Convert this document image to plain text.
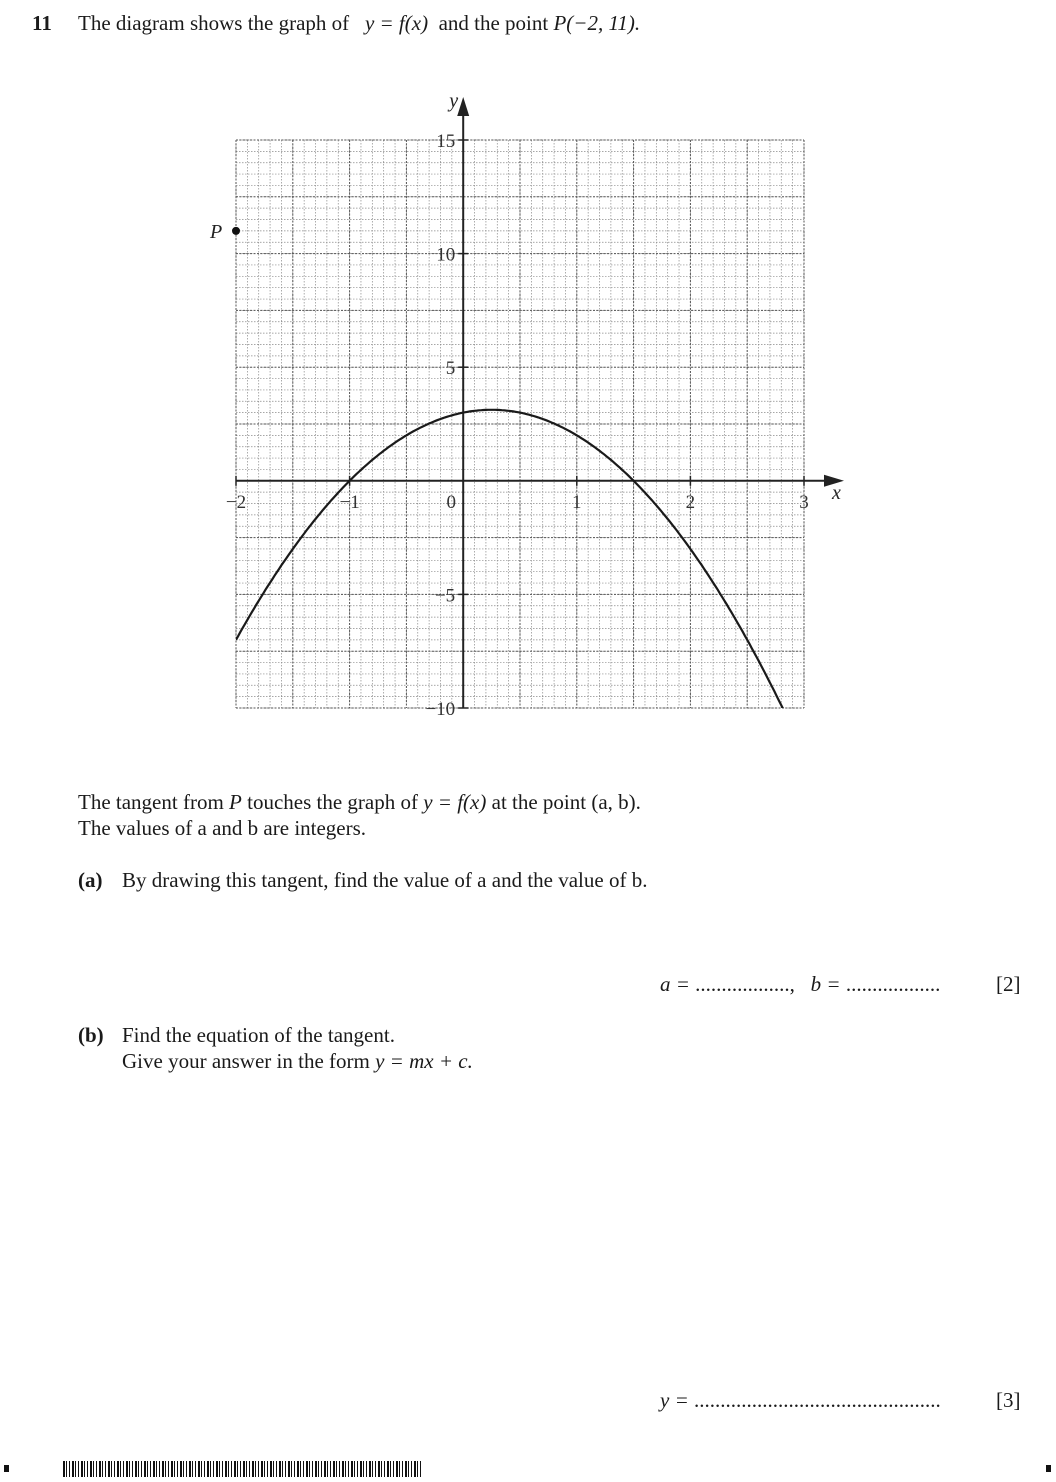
11 The diagram shows the graph of y = f(x) and the point P(−2, 11).
−2	−1	0	1	2	3
15
10
5
−5
−10
P
x
y
The tangent from P touches the graph of y = f(x) at the point (a, b).
The values of a and b are integers.
(a) By drawing this tangent, find the value of a and the value of b.
a = .................., b = ..................	[2]
(b) Find the equation of the tangent.
Give your answer in the form y = mx + c.
y = ...............................................	[3]
